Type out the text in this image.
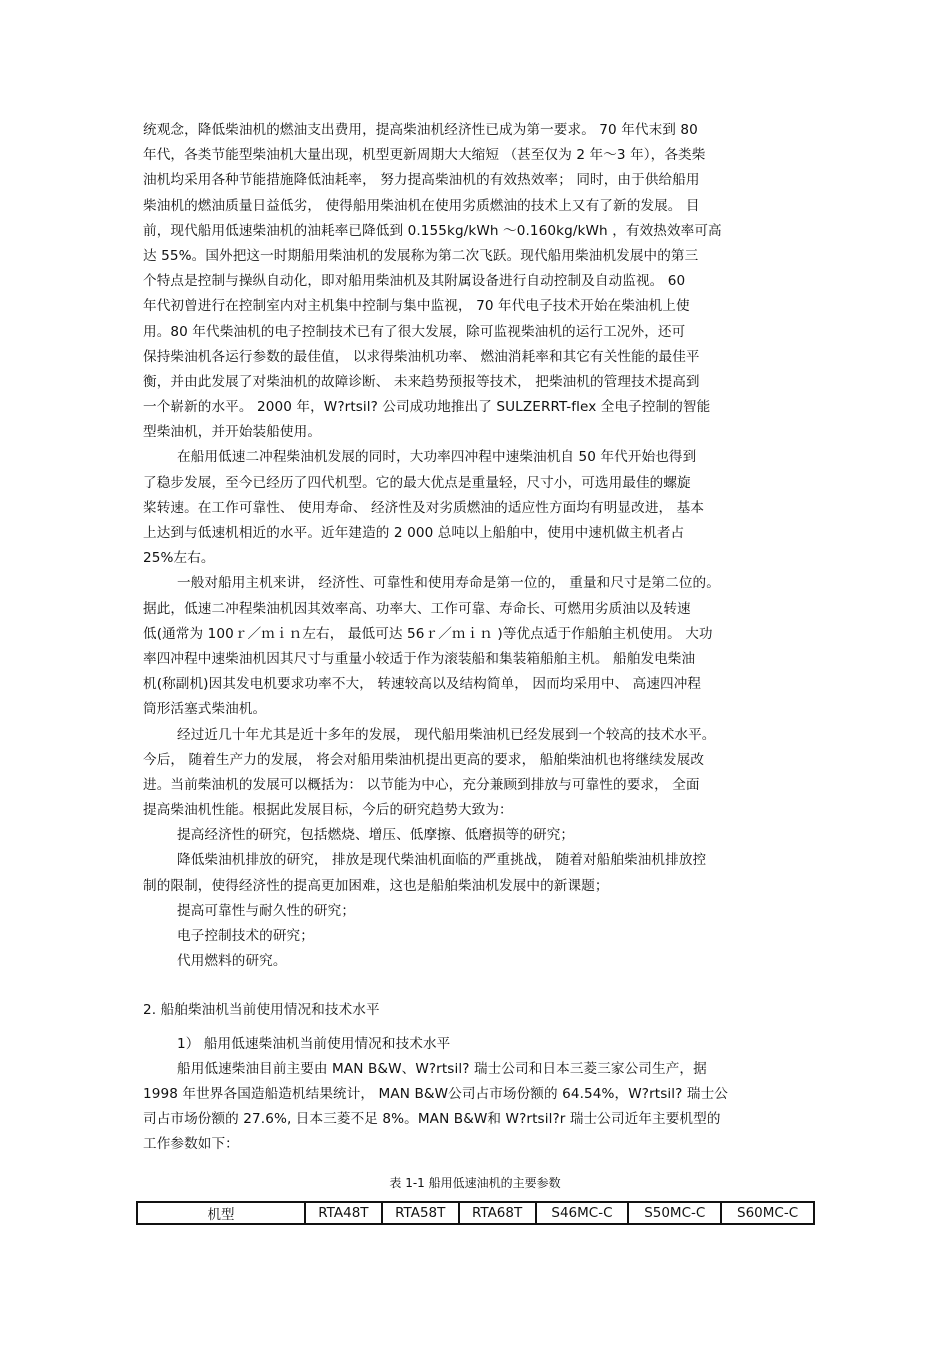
统观念，降低柴油机的燃油支出费用，提高柴油机经济性已成为第一要求。 70 年代末到 80
年代，各类节能型柴油机大量出现，机型更新周期大大缩短 （甚至仅为 2 年～3 年），各类柴
油机均采用各种节能措施降低油耗率， 努力提高柴油机的有效热效率； 同时，由于供给船用
柴油机的燃油质量日益低劣， 使得船用柴油机在使用劣质燃油的技术上又有了新的发展。 目
前，现代船用低速柴油机的油耗率已降低到 0.155kg/kWh ～0.160kg/kWh ，有效热效率可高
达 55%。国外把这一时期船用柴油机的发展称为第二次飞跃。现代船用柴油机发展中的第三
个特点是控制与操纵自动化，即对船用柴油机及其附属设备进行自动控制及自动监视。 60
年代初曾进行在控制室内对主机集中控制与集中监视， 70 年代电子技术开始在柴油机上使
用。80 年代柴油机的电子控制技术已有了很大发展，除可监视柴油机的运行工况外，还可
保持柴油机各运行参数的最佳值， 以求得柴油机功率、 燃油消耗率和其它有关性能的最佳平
衡，并由此发展了对柴油机的故障诊断、 未来趋势预报等技术， 把柴油机的管理技术提高到
一个崭新的水平。 2000 年，W?rtsil? 公司成功地推出了 SULZERRT-flex 全电子控制的智能
型柴油机，并开始装船使用。
在船用低速二冲程柴油机发展的同时，大功率四冲程中速柴油机自 50 年代开始也得到
了稳步发展，至今已经历了四代机型。它的最大优点是重量轻，尺寸小，可选用最佳的螺旋
桨转速。在工作可靠性、 使用寿命、 经济性及对劣质燃油的适应性方面均有明显改进， 基本
上达到与低速机相近的水平。近年建造的 2 000 总吨以上船舶中，使用中速机做主机者占
25%左右。
一般对船用主机来讲， 经济性、可靠性和使用寿命是第一位的， 重量和尺寸是第二位的。
据此，低速二冲程柴油机因其效率高、功率大、工作可靠、寿命长、可燃用劣质油以及转速
低(通常为 100ｒ／ｍｉｎ左右， 最低可达 56ｒ／ｍｉｎ )等优点适于作船舶主机使用。 大功
率四冲程中速柴油机因其尺寸与重量小较适于作为滚装船和集装箱船舶主机。 船舶发电柴油
机(称副机)因其发电机要求功率不大， 转速较高以及结构简单， 因而均采用中、 高速四冲程
筒形活塞式柴油机。
经过近几十年尤其是近十多年的发展， 现代船用柴油机已经发展到一个较高的技术水平。
今后， 随着生产力的发展， 将会对船用柴油机提出更高的要求， 船舶柴油机也将继续发展改
进。当前柴油机的发展可以概括为： 以节能为中心，充分兼顾到排放与可靠性的要求， 全面
提高柴油机性能。根据此发展目标，今后的研究趋势大致为：
提高经济性的研究，包括燃烧、增压、低摩擦、低磨损等的研究；
降低柴油机排放的研究， 排放是现代柴油机面临的严重挑战， 随着对船舶柴油机排放控
制的限制，使得经济性的提高更加困难，这也是船舶柴油机发展中的新课题；
提高可靠性与耐久性的研究；
电子控制技术的研究；
代用燃料的研究。
2. 船舶柴油机当前使用情况和技术水平
1） 船用低速柴油机当前使用情况和技术水平
船用低速柴油目前主要由 MAN B&W、W?rtsil? 瑞士公司和日本三菱三家公司生产，据
1998 年世界各国造船造机结果统计， MAN B&W公司占市场份额的 64.54%，W?rtsil? 瑞士公
司占市场份额的 27.6%, 日本三菱不足 8%。MAN B&W和 W?rtsil?r 瑞士公司近年主要机型的
工作参数如下：
表 1-1 船用低速油机的主要参数
机型	RTA48T	RTA58T	RTA68T	S46MC-C	S50MC-C	S60MC-C
